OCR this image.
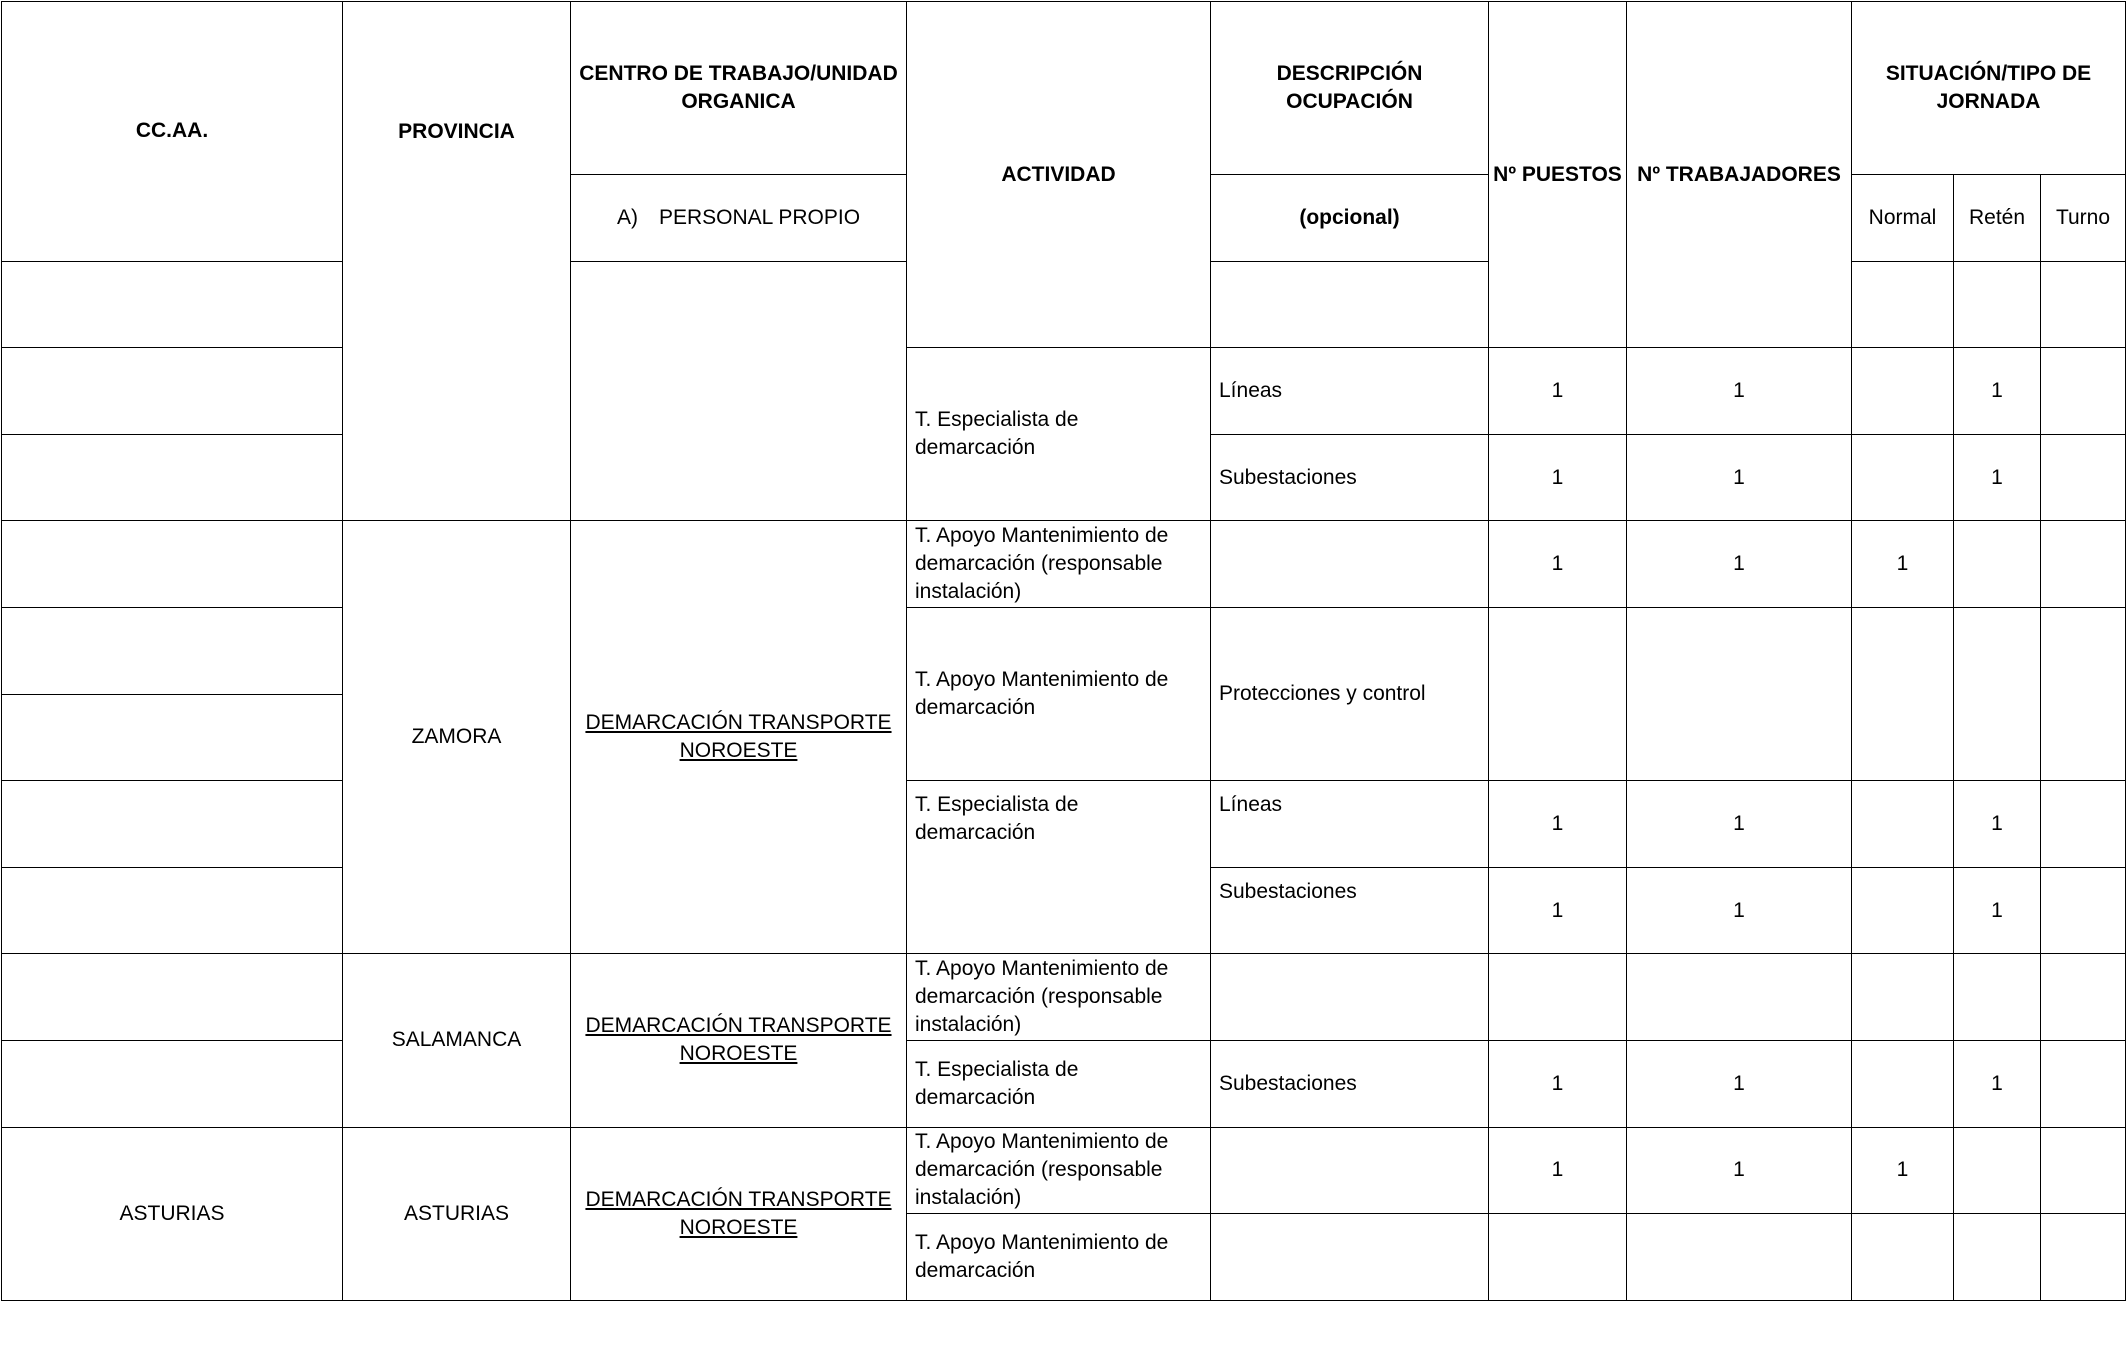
CC.AA.	PROVINCIA	CENTRO DE TRABAJO/UNIDAD ORGANICA	ACTIVIDAD	DESCRIPCIÓN OCUPACIÓN	Nº PUESTOS	Nº TRABAJADORES	SITUACIÓN/TIPO DE JORNADA		
		A) PERSONAL PROPIO		(opcional)			Normal	Retén	Turno

			T. Especialista de demarcación	Líneas	1	1		1	
				Subestaciones	1	1		1	
	ZAMORA	DEMARCACIÓN TRANSPORTE NOROESTE	T. Apoyo Mantenimiento de demarcación (responsable instalación)		1	1	1		
			T. Apoyo Mantenimiento de demarcación	Protecciones y control					

			T. Especialista de demarcación	Líneas	1	1		1	
				Subestaciones	1	1		1	
	SALAMANCA	DEMARCACIÓN TRANSPORTE NOROESTE	T. Apoyo Mantenimiento de demarcación (responsable instalación)						
			T. Especialista de demarcación	Subestaciones	1	1		1	
ASTURIAS	ASTURIAS	DEMARCACIÓN TRANSPORTE NOROESTE	T. Apoyo Mantenimiento de demarcación (responsable instalación)		1	1	1		
			T. Apoyo Mantenimiento de demarcación						
